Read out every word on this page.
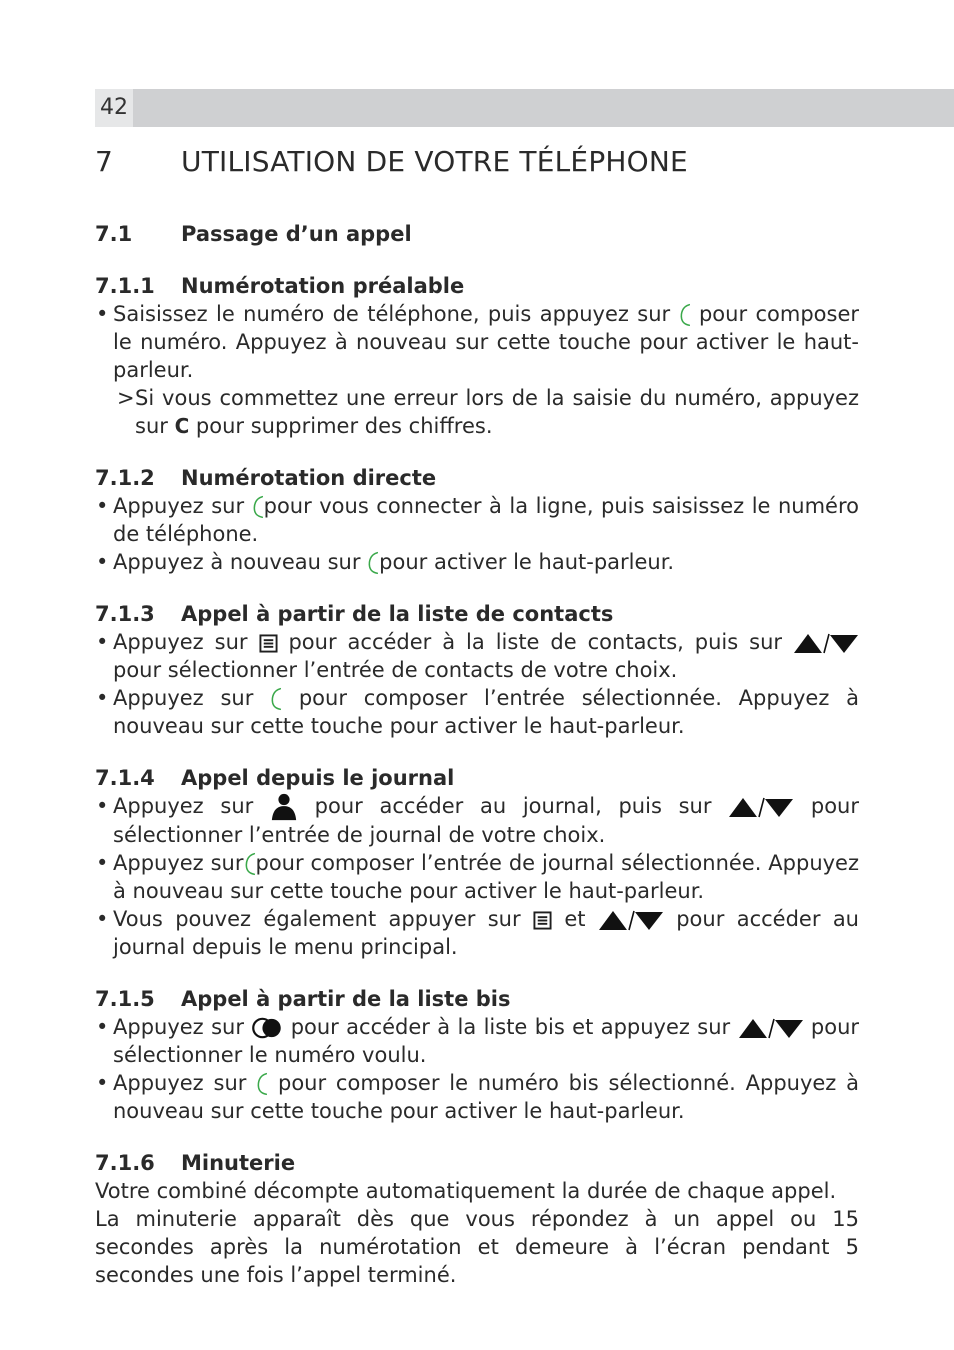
42
7	UTILISATION DE VOTRE TÉLÉPHONE
7.1	Passage d’un appel
7.1.1	Numérotation préalable
• Saisissez le numéro de téléphone, puis appuyez sur  pour composer le numéro. Appuyez à nouveau sur cette touche pour activer le haut-parleur.

> Si vous commettez une erreur lors de la saisie du numéro, appuyez sur C pour supprimer des chiffres.

7.1.2	Numérotation directe
• Appuyez sur pour vous connecter à la ligne, puis saisissez le numéro de téléphone.
• Appuyez à nouveau sur pour activer le haut-parleur.
7.1.3	Appel à partir de la liste de contacts
• Appuyez sur  pour accéder à la liste de contacts, puis sur  pour sélectionner l’entrée de contacts de votre choix.
• Appuyez sur  pour composer l’entrée sélectionnée. Appuyez à nouveau sur cette touche pour activer le haut-parleur.
7.1.4	Appel depuis le journal
• Appuyez sur  pour accéder au journal, puis sur	pour sélectionner l’entrée de journal de votre choix.
• Appuyez sur pour composer l’entrée de journal sélectionnée. Appuyez à nouveau sur cette touche pour activer le haut-parleur.
• Vous pouvez également appuyer sur  et	pour accéder au journal depuis le menu principal.
7.1.5	Appel à partir de la liste bis
• Appuyez sur  pour accéder à la liste bis et appuyez sur	pour sélectionner le numéro voulu.
• Appuyez sur  pour composer le numéro bis sélectionné. Appuyez à nouveau sur cette touche pour activer le haut-parleur.
7.1.6	Minuterie

Votre combiné décompte automatiquement la durée de chaque appel.

La minuterie apparaît dès que vous répondez à un appel ou 15 secondes après la numérotation et demeure à l’écran pendant 5 secondes une fois l’appel terminé.
